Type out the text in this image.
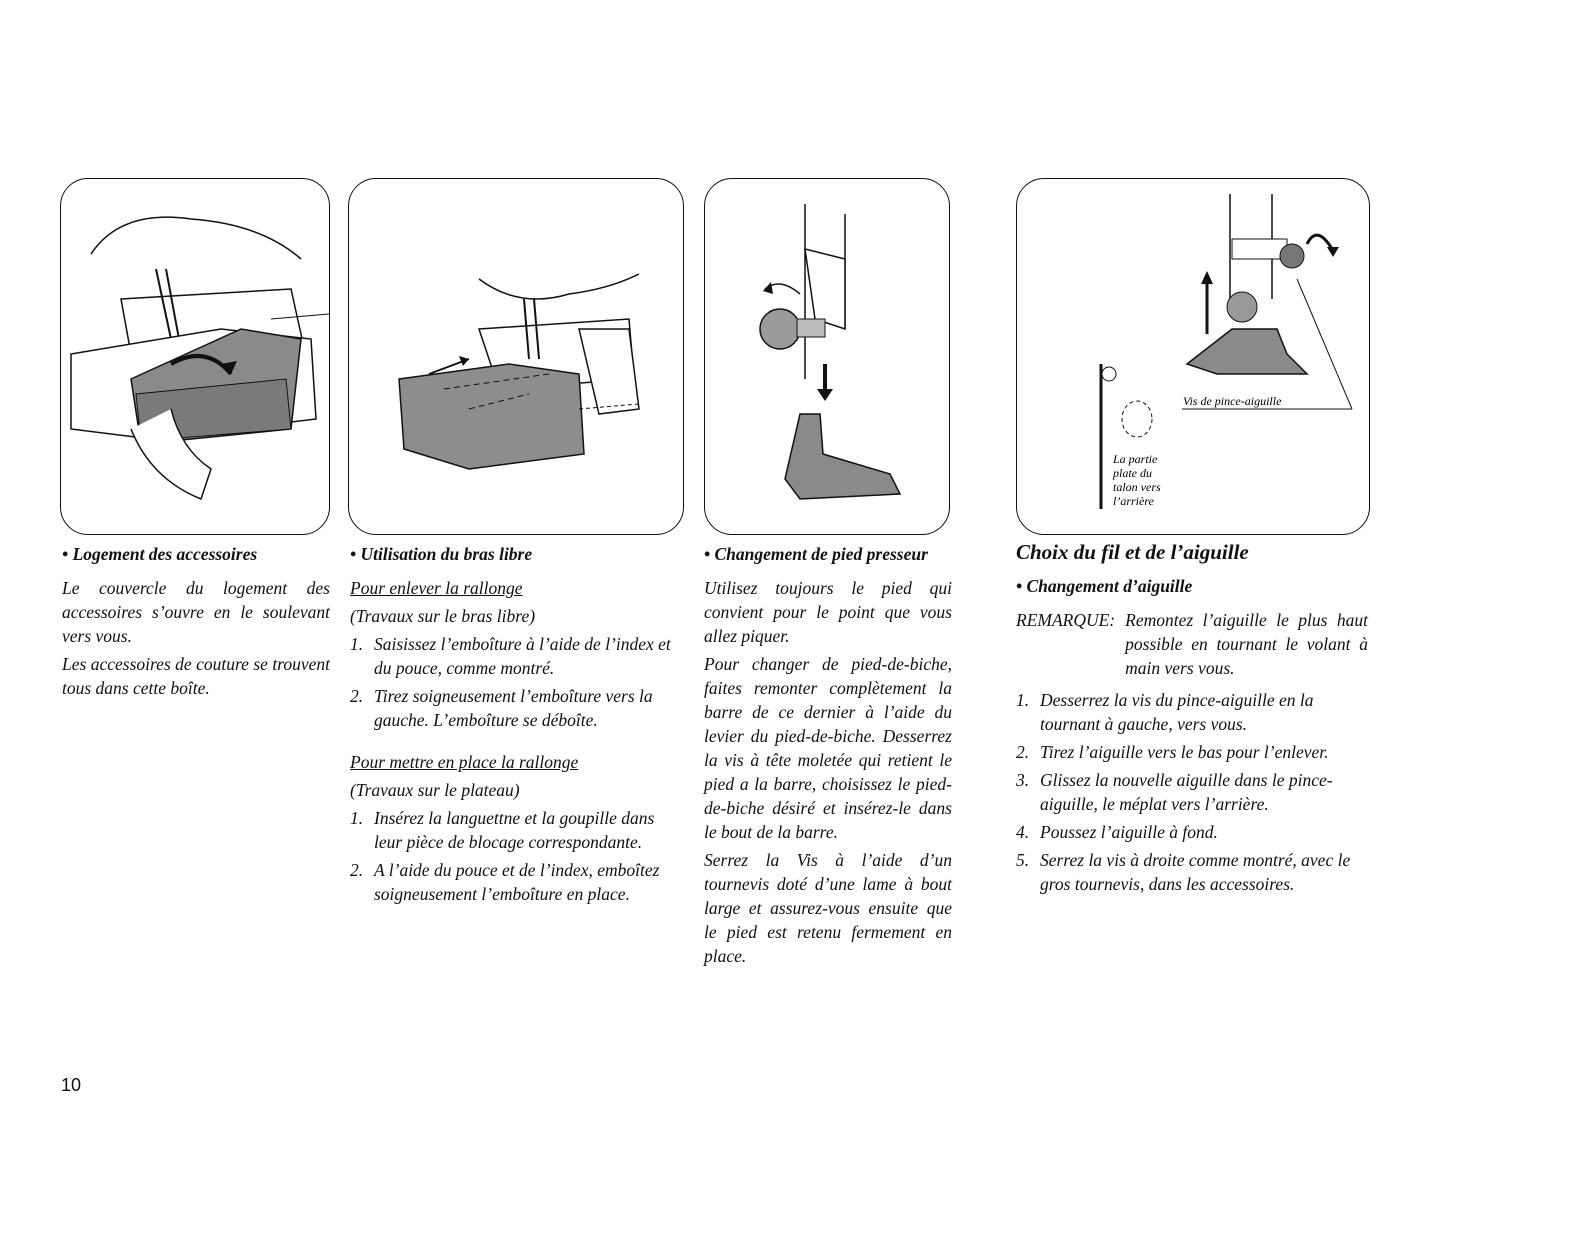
Vis de pince-aiguille
La partie
plate du
talon vers
l’arrière
• Logement des accessoires

Le couvercle du logement des accessoires s’ouvre en le soulevant vers vous.

Les accessoires de couture se trouvent tous dans cette boîte.

• Utilisation du bras libre

Pour enlever la rallonge

(Travaux sur le bras libre)

1. Saisissez l’emboîture à l’aide de l’index et du pouce, comme montré.
2. Tirez soigneusement l’emboîture vers la gauche. L’emboîture se déboîte.

Pour mettre en place la rallonge

(Travaux sur le plateau)

1. Insérez la languettne et la goupille dans leur pièce de blocage correspondante.
2. A l’aide du pouce et de l’index, emboîtez soigneusement l’emboîture en place.
• Changement de pied presseur

Utilisez toujours le pied qui convient pour le point que vous allez piquer.

Pour changer de pied-de-biche, faites remonter complètement la barre de ce dernier à l’aide du levier du pied-de-biche. Desserrez la vis à tête moletée qui retient le pied a la barre, choisissez le pied-de-biche désiré et insérez-le dans le bout de la barre.

Serrez la Vis à l’aide d’un tournevis doté d’une lame à bout large et assurez-vous ensuite que le pied est retenu fermement en place.

Choix du fil et de l’aiguille
• Changement d’aiguille
REMARQUE: Remontez l’aiguille le plus haut possible en tournant le volant à main vers vous.
1. Desserrez la vis du pince-aiguille en la tournant à gauche, vers vous.
2. Tirez l’aiguille vers le bas pour l’enlever.
3. Glissez la nouvelle aiguille dans le pince-aiguille, le méplat vers l’arrière.
4. Poussez l’aiguille à fond.
5. Serrez la vis à droite comme montré, avec le gros tournevis, dans les accessoires.
10
